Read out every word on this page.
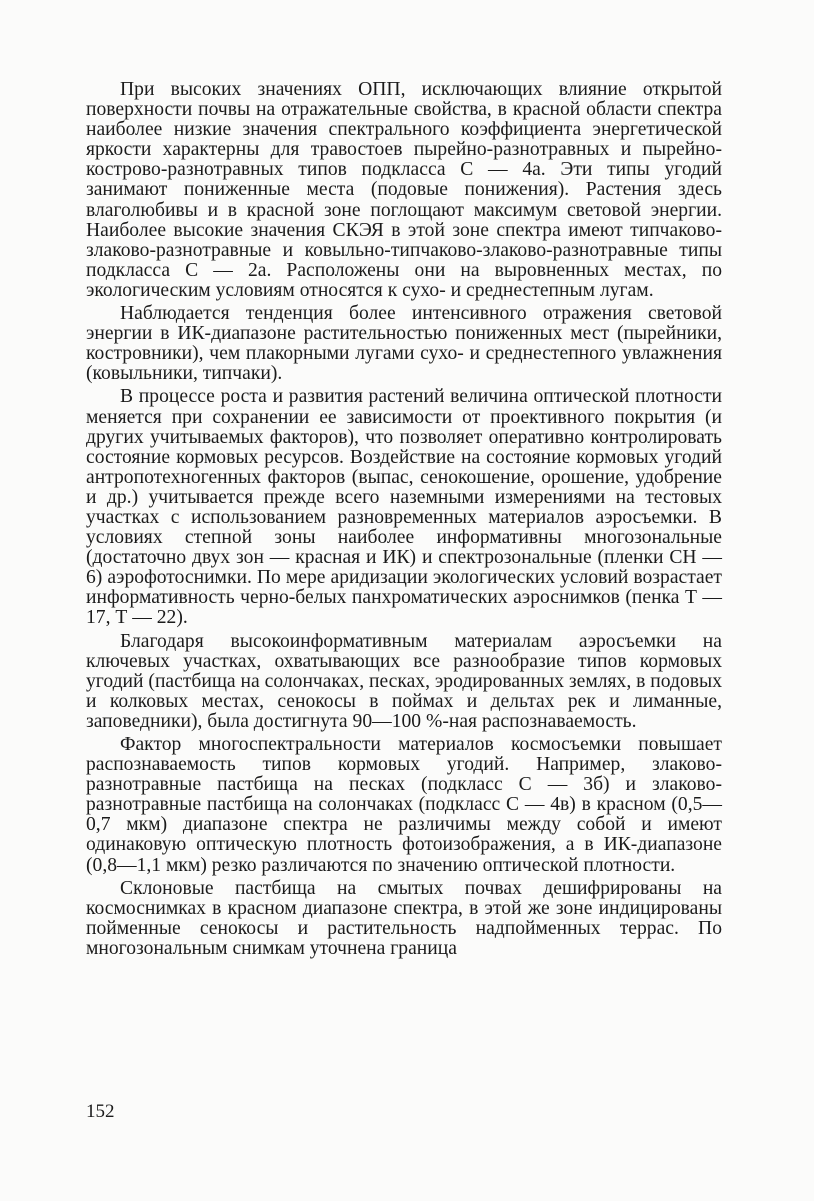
При высоких значениях ОПП, исключающих влияние открытой поверхности почвы на отражательные свойства, в красной области спектра наиболее низкие значения спектрального коэффициента энергетической яркости характерны для травостоев пырейно-разнотравных и пырейно-кострово-разнотравных типов подкласса С — 4а. Эти типы угодий занимают пониженные места (подовые понижения). Растения здесь влаголюбивы и в красной зоне поглощают максимум световой энергии. Наиболее высокие значения СКЭЯ в этой зоне спектра имеют типчаково-злаково-разнотравные и ковыльно-типчаково-злаково-разнотравные типы подкласса С — 2а. Расположены они на выровненных местах, по экологическим условиям относятся к сухо- и среднестепным лугам.

Наблюдается тенденция более интенсивного отражения световой энергии в ИК-диапазоне растительностью пониженных мест (пырейники, костровники), чем плакорными лугами сухо- и среднестепного увлажнения (ковыльники, типчаки).

В процессе роста и развития растений величина оптической плотности меняется при сохранении ее зависимости от проективного покрытия (и других учитываемых факторов), что позволяет оперативно контролировать состояние кормовых ресурсов. Воздействие на состояние кормовых угодий антропотехногенных факторов (выпас, сенокошение, орошение, удобрение и др.) учитывается прежде всего наземными измерениями на тестовых участках с использованием разновременных материалов аэросъемки. В условиях степной зоны наиболее информативны многозональные (достаточно двух зон — красная и ИК) и спектрозональные (пленки СН — 6) аэрофотоснимки. По мере аридизации экологических условий возрастает информативность черно-белых панхроматических аэроснимков (пенка Т — 17, Т — 22).

Благодаря высокоинформативным материалам аэросъемки на ключевых участках, охватывающих все разнообразие типов кормовых угодий (пастбища на солончаках, песках, эродированных землях, в подовых и колковых местах, сенокосы в поймах и дельтах рек и лиманные, заповедники), была достигнута 90—100 %-ная распознаваемость.

Фактор многоспектральности материалов космосъемки повышает распознаваемость типов кормовых угодий. Например, злаково-разнотравные пастбища на песках (подкласс С — 3б) и злаково-разнотравные пастбища на солончаках (подкласс С — 4в) в красном (0,5—0,7 мкм) диапазоне спектра не различимы между собой и имеют одинаковую оптическую плотность фотоизображения, а в ИК-диапазоне (0,8—1,1 мкм) резко различаются по значению оптической плотности.

Склоновые пастбища на смытых почвах дешифрированы на космоснимках в красном диапазоне спектра, в этой же зоне индицированы пойменные сенокосы и растительность надпойменных террас. По многозональным снимкам уточнена граница

152
